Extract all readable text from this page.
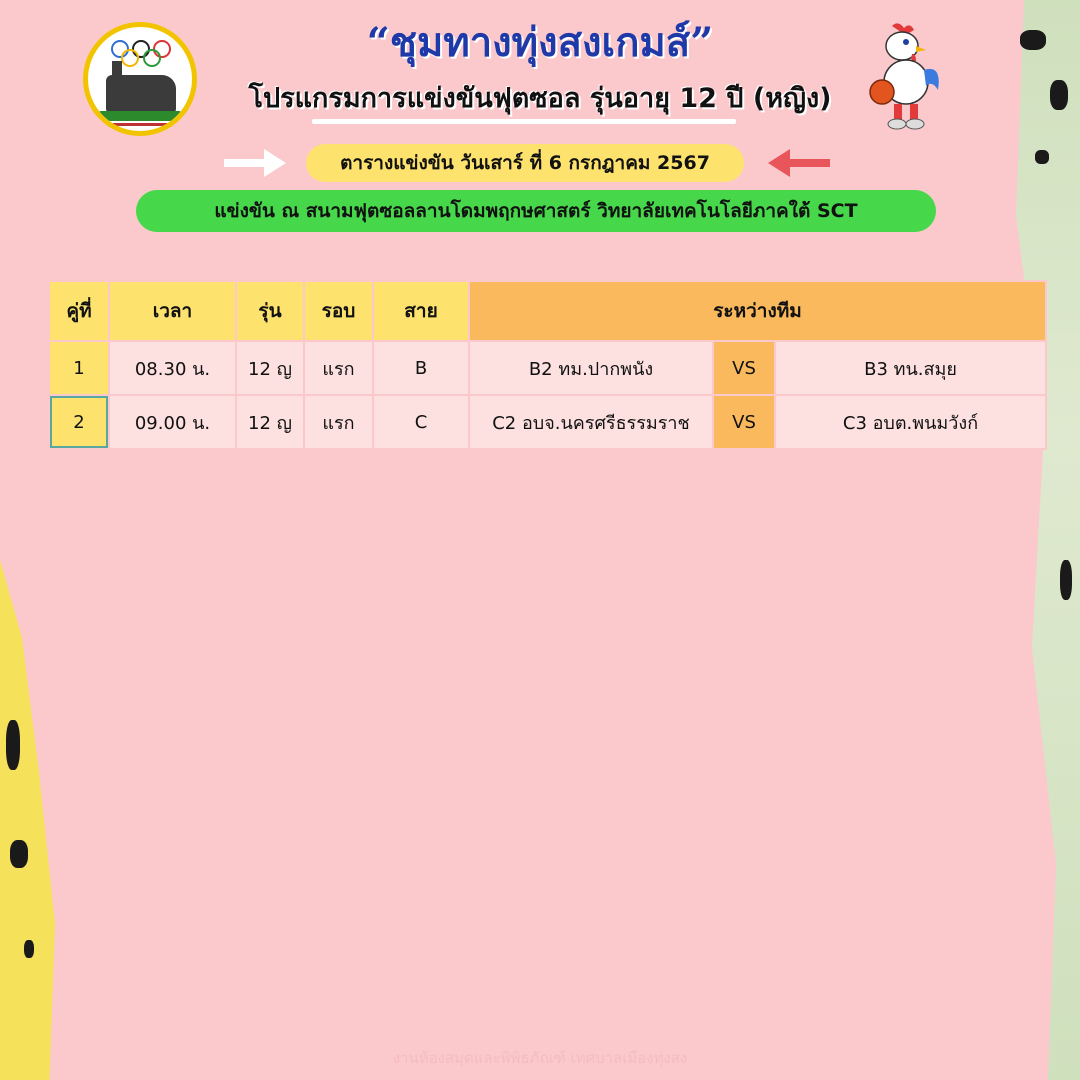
“ชุมทางทุ่งสงเกมส์”
โปรแกรมการแข่งขันฟุตซอล รุ่นอายุ 12 ปี (หญิง)
ตารางแข่งขัน วันเสาร์ ที่ 6 กรกฎาคม 2567
แข่งขัน ณ สนามฟุตซอลลานโดมพฤกษศาสตร์ วิทยาลัยเทคโนโลยีภาคใต้ SCT
คู่ที่	เวลา	รุ่น	รอบ	สาย	ระหว่างทีม		
1	08.30 น.	12 ญ	แรก	B	B2 ทม.ปากพนัง	VS	B3 ทน.สมุย
2	09.00 น.	12 ญ	แรก	C	C2 อบจ.นครศรีธรรมราช	VS	C3 อบต.พนมวังก์
งานห้องสมุดและพิพิธภัณฑ์ เทศบาลเมืองทุ่งสง
